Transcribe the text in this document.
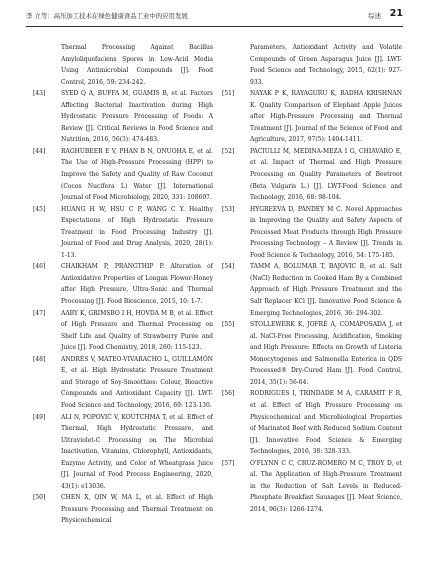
李 立等：高压加工技术在绿色健康食品工业中的应用发展	综述 21
Thermal Processing Against Bacillus Amyloliquefaciens Spores in Low-Acid Media Using Antimicrobial Compounds [J]. Food Control, 2016, 59: 234-242.
[43]	SYED Q A, BUFFA M, GUAMIS B, et al. Factors Affecting Bacterial Inactivation during High Hydrostatic Pressure Processing of Foods: A Review [J]. Critical Reviews in Food Science and Nutrition, 2016, 56(3): 474-483.
[44]	RAGHUBEER E V, PHAN B N, ONUOHA E, et al. The Use of High-Pressure Processing (HPP) to Improve the Safety and Quality of Raw Coconut (Cocos Nucifera L) Water [J]. International Journal of Food Microbiology, 2020, 331: 108697.
[45]	HUANG H W, HSU C P, WANG C Y. Healthy Expectations of High Hydrostatic Pressure Treatment in Food Processing Industry [J]. Journal of Food and Drug Analysis, 2020, 28(1): 1-13.
[46]	CHAIKHAM P, PRANGTHIP P. Alteration of Antioxidative Properties of Longan Flower-Honey after High Pressure, Ultra-Sonic and Thermal Processing [J]. Food Bioscience, 2015, 10: 1-7.
[47]	AABY K, GRIMSBO I H, HOVDA M B, et al. Effect of High Pressure and Thermal Processing on Shelf Life and Quality of Strawberry Purée and Juice [J]. Food Chemistry, 2018, 260: 115-123.
[48]	ANDRÉS V, MATEO-VIVARACHO L, GUILLAMÓN E, et al. High Hydrostatic Pressure Treatment and Storage of Soy-Smoothies: Colour, Bioactive Compounds and Antioxidant Capacity [J]. LWT-Food Science and Technology, 2016, 69: 123-130.
[49]	ALI N, POPOVIĆ V, KOUTCHMA T, et al. Effect of Thermal, High Hydrostatic Pressure, and Ultraviolet-C Processing on The Microbial Inactivation, Vitamins, Chlorophyll, Antioxidants, Enzyme Activity, and Color of Wheatgrass Juice [J]. Journal of Food Process Engineering, 2020, 43(1): e13036.
[50]	CHEN X, QIN W, MA L, et al. Effect of High Pressure Processing and Thermal Treatment on Physicochemical
Parameters, Antioxidant Activity and Volatile Compounds of Green Asparagus Juice [J]. LWT-Food Science and Technology, 2015, 62(1): 927-933.
[51]	NAYAK P K, RAYAGURU K, RADHA KRISHNAN K. Quality Comparison of Elephant Apple Juices after High-Pressure Processing and Thermal Treatment [J]. Journal of the Science of Food and Agriculture, 2017, 97(5): 1404-1411.
[52]	PACIULLI M, MEDINA-MEZA I G, CHIAVARO E, et al. Impact of Thermal and High Pressure Processing on Quality Parameters of Beetroot (Beta Vulgaris L.) [J]. LWT-Food Science and Technology, 2016, 68: 98-104.
[53]	HYGREEVA D, PANDEY M C. Novel Approaches in Improving the Quality and Safety Aspects of Processed Meat Products through High Pressure Processing Technology – A Review [J]. Trends in Food Science & Technology, 2016, 54: 175-185.
[54]	TAMM A, BOLUMAR T, BAJOVIC B, et al. Salt (NaCl) Reduction in Cooked Ham By a Combined Approach of High Pressure Treatment and the Salt Replacer KCl [J]. Innovative Food Science & Emerging Technologies, 2016, 36: 294-302.
[55]	STOLLEWERK K, JOFRÉ A, COMAPOSADA J, et al. NaCl-Free Processing, Acidification, Smoking and High Pressure: Effects on Growth of Listeria Monocytogenes and Salmonella Enterica in QDS Processed® Dry-Cured Ham [J]. Food Control, 2014, 35(1): 56-64.
[56]	RODRIGUES I, TRINDADE M A, CARAMIT F R, et al. Effect of High Pressure Processing on Physicochemical and Microbiological Properties of Marinated Beef with Reduced Sodium Content [J]. Innovative Food Science & Emerging Technologies, 2016, 38: 328-333.
[57]	O'FLYNN C C, CRUZ-ROMERO M C, TROY D, et al. The Application of High-Pressure Treatment in the Reduction of Salt Levels in Reduced-Phosphate Breakfast Sausages [J]. Meat Science, 2014, 96(3): 1266-1274.
